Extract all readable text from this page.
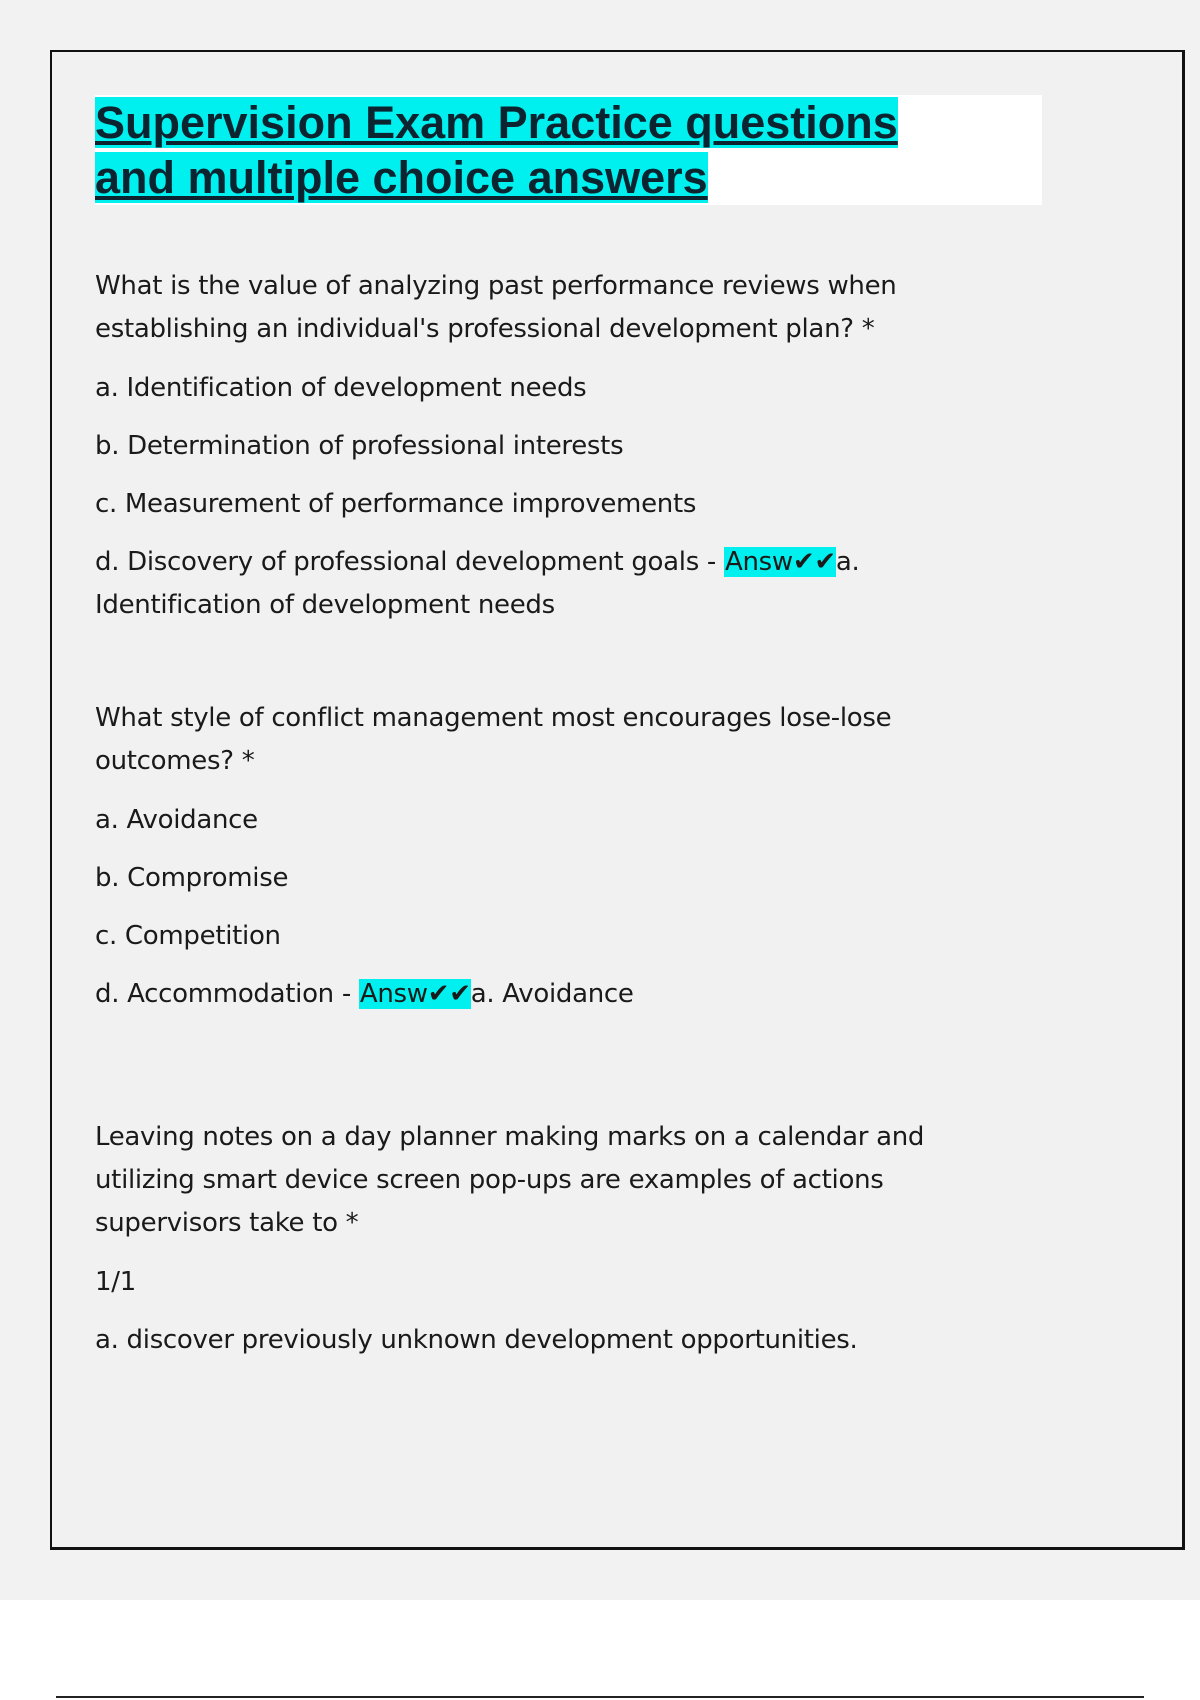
Supervision Exam Practice questions
and multiple choice answers

What is the value of analyzing past performance reviews when
establishing an individual's professional development plan? *

a. Identification of development needs

b. Determination of professional interests

c. Measurement of performance improvements

d. Discovery of professional development goals - Answ✔✔a.
Identification of development needs

What style of conflict management most encourages lose-lose
outcomes? *

a. Avoidance

b. Compromise

c. Competition

d. Accommodation - Answ✔✔a. Avoidance

Leaving notes on a day planner making marks on a calendar and
utilizing smart device screen pop-ups are examples of actions
supervisors take to *

1/1

a. discover previously unknown development opportunities.
